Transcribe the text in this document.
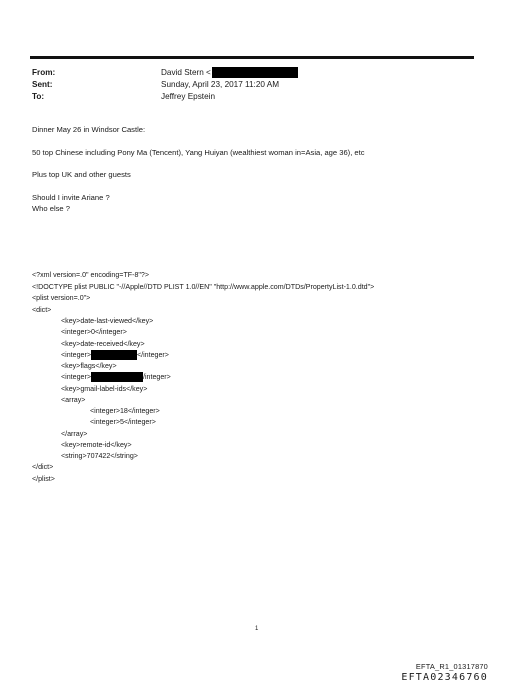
From:	David Stern <
Sent:	Sunday, April 23, 2017 11:20 AM
To:	Jeffrey Epstein
Dinner May 26 in Windsor Castle:
50 top Chinese including Pony Ma (Tencent), Yang Huiyan (wealthiest woman in=Asia, age 36), etc
Plus top UK and other guests
Should I invite Ariane ?
Who else ?
<?xml version=.0" encoding=TF-8"?>
<!DOCTYPE plist PUBLIC "-//Apple//DTD PLIST 1.0//EN" "http://www.apple.com/DTDs/PropertyList-1.0.dtd">
<plist version=.0">
<dict>
<key>date-last-viewed</key>
<integer>0</integer>
<key>date-received</key>
<integer>	</integer>
<key>flags</key>
<integer>	/integer>
<key>gmail-label-ids</key>
<array>
<integer>18</integer>
<integer>5</integer>
</array>
<key>remote-id</key>
<string>707422</string>
</dict>
</plist>
1
EFTA_R1_01317870
EFTA02346760
